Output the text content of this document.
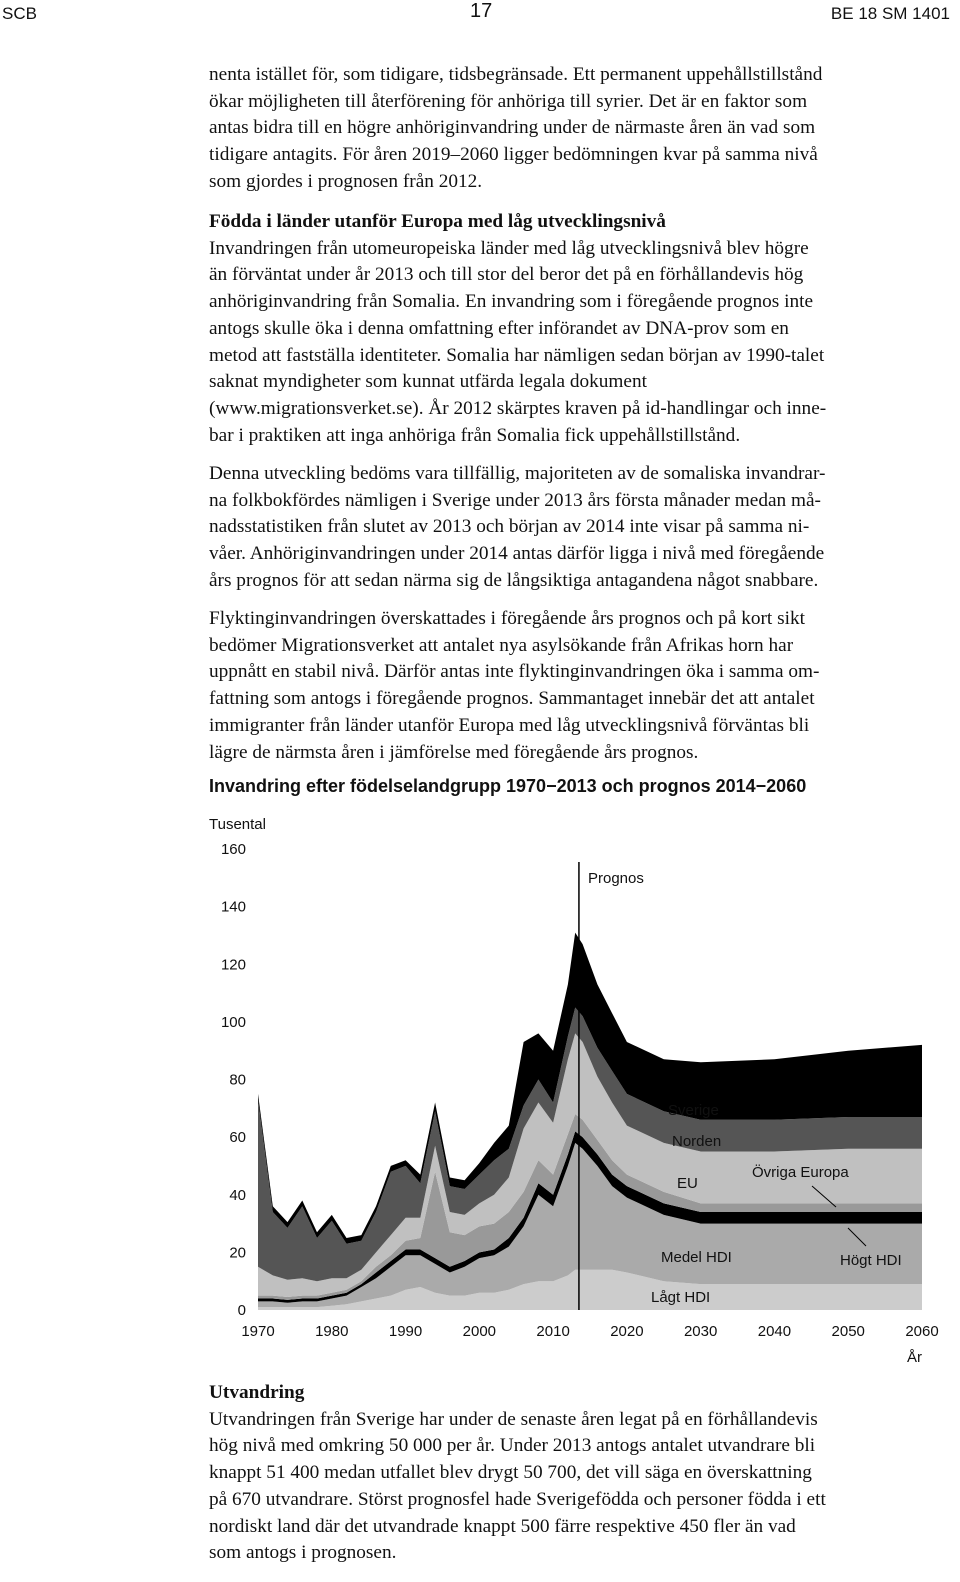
SCB	17	BE 18 SM 1401

nenta istället för, som tidigare, tidsbegränsade. Ett permanent uppehållstillstånd
ökar möjligheten till återförening för anhöriga till syrier. Det är en faktor som
antas bidra till en högre anhöriginvandring under de närmaste åren än vad som
tidigare antagits. För åren 2019–2060 ligger bedömningen kvar på samma nivå
som gjordes i prognosen från 2012.

Födda i länder utanför Europa med låg utvecklingsnivå

Invandringen från utomeuropeiska länder med låg utvecklingsnivå blev högre
än förväntat under år 2013 och till stor del beror det på en förhållandevis hög
anhöriginvandring från Somalia. En invandring som i föregående prognos inte
antogs skulle öka i denna omfattning efter införandet av DNA-prov som en
metod att fastställa identiteter. Somalia har nämligen sedan början av 1990-talet
saknat myndigheter som kunnat utfärda legala dokument
(www.migrationsverket.se). År 2012 skärptes kraven på id-handlingar och inne-
bar i praktiken att inga anhöriga från Somalia fick uppehållstillstånd.

Denna utveckling bedöms vara tillfällig, majoriteten av de somaliska invandrar-
na folkbokfördes nämligen i Sverige under 2013 års första månader medan må-
nadsstatistiken från slutet av 2013 och början av 2014 inte visar på samma ni-
våer. Anhöriginvandringen under 2014 antas därför ligga i nivå med föregående
års prognos för att sedan närma sig de långsiktiga antagandena något snabbare.

Flyktinginvandringen överskattades i föregående års prognos och på kort sikt
bedömer Migrationsverket att antalet nya asylsökande från Afrikas horn har
uppnått en stabil nivå. Därför antas inte flyktinginvandringen öka i samma om-
fattning som antogs i föregående prognos. Sammantaget innebär det att antalet
immigranter från länder utanför Europa med låg utvecklingsnivå förväntas bli
lägre de närmsta åren i jämförelse med föregående års prognos.

Invandring efter födelselandgrupp 1970−2013 och prognos 2014−2060
0
20
40
60
80
100
120
140
160
1970	1980	1990	2000	2010	2020	2030	2040	2050	2060
Tusental
År
Prognos
Sverige
Norden
EU
Övriga Europa
Medel HDI	Högt HDI
Lågt HDI
Utvandring

Utvandringen från Sverige har under de senaste åren legat på en förhållandevis
hög nivå med omkring 50 000 per år. Under 2013 antogs antalet utvandrare bli
knappt 51 400 medan utfallet blev drygt 50 700, det vill säga en överskattning
på 670 utvandrare. Störst prognosfel hade Sverigefödda och personer födda i ett
nordiskt land där det utvandrade knappt 500 färre respektive 450 fler än vad
som antogs i prognosen.
